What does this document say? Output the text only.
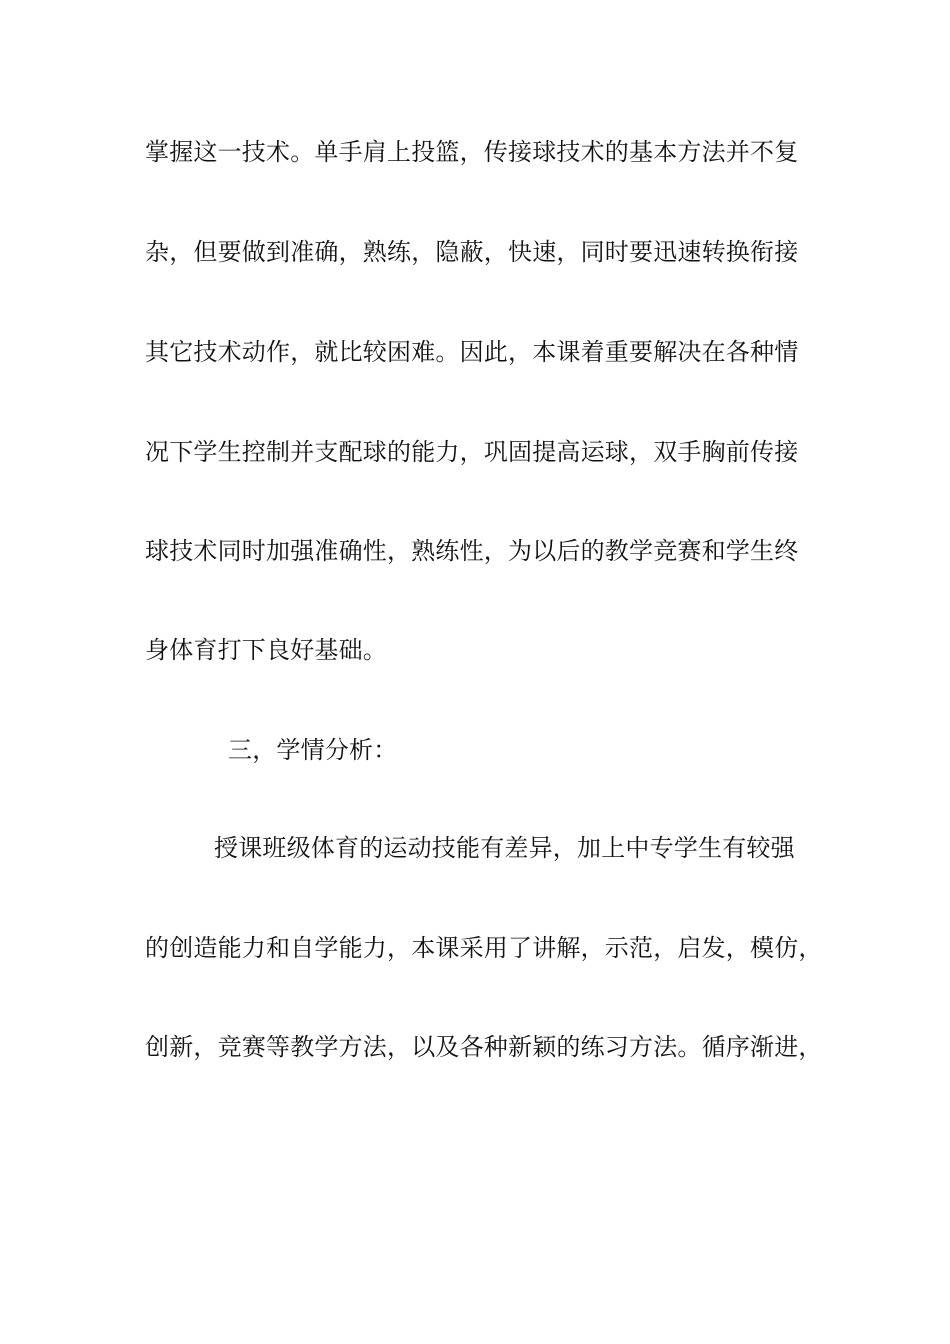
掌握这一技术。单手肩上投篮，传接球技术的基本方法并不复
杂，但要做到准确，熟练，隐蔽，快速，同时要迅速转换衔接
其它技术动作，就比较困难。因此，本课着重要解决在各种情
况下学生控制并支配球的能力，巩固提高运球，双手胸前传接
球技术同时加强准确性，熟练性，为以后的教学竞赛和学生终
身体育打下良好基础。
三，学情分析：
授课班级体育的运动技能有差异，加上中专学生有较强
的创造能力和自学能力，本课采用了讲解，示范，启发，模仿，
创新，竞赛等教学方法，以及各种新颖的练习方法。循序渐进，
